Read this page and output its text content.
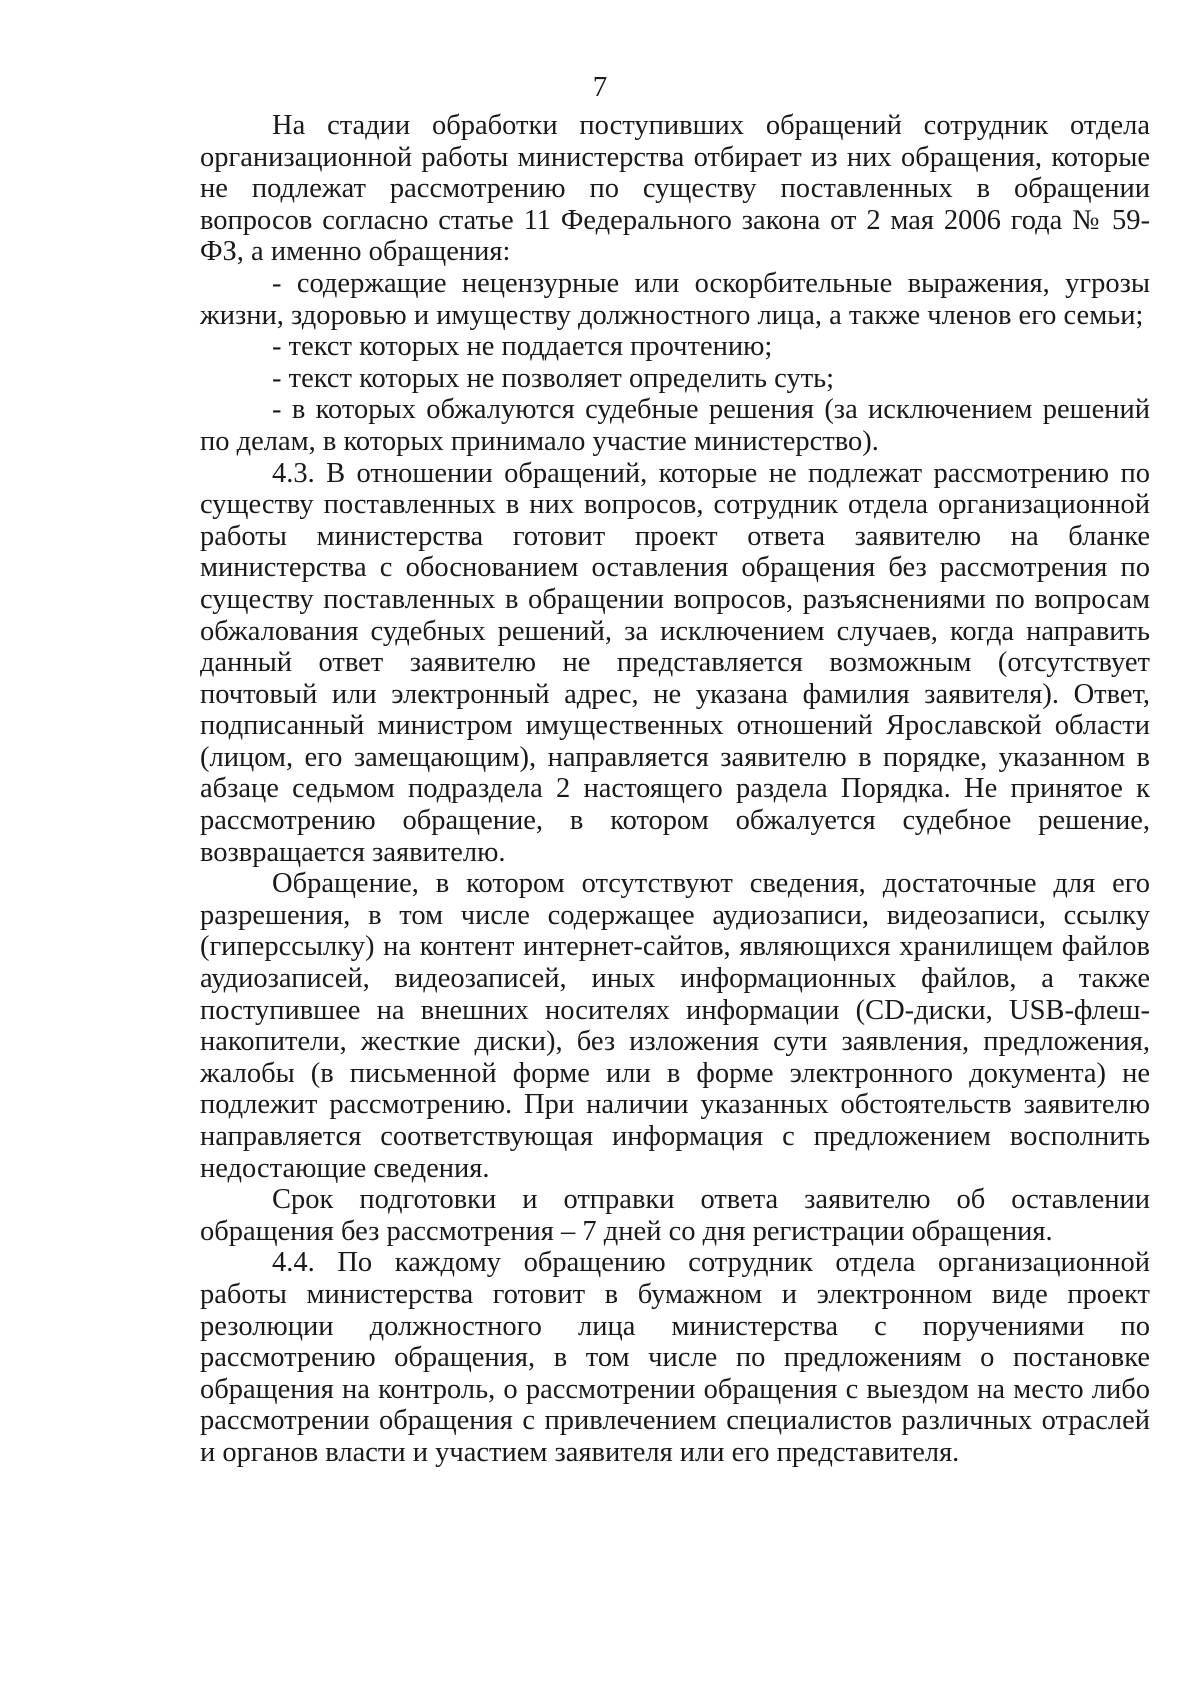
7

На стадии обработки поступивших обращений сотрудник отдела организационной работы министерства отбирает из них обращения, которые не подлежат рассмотрению по существу поставленных в обращении вопросов согласно статье 11 Федерального закона от 2 мая 2006 года № 59-ФЗ, а именно обращения:

- содержащие нецензурные или оскорбительные выражения, угрозы жизни, здоровью и имуществу должностного лица, а также членов его семьи;

- текст которых не поддается прочтению;

- текст которых не позволяет определить суть;

- в которых обжалуются судебные решения (за исключением решений по делам, в которых принимало участие министерство).

4.3. В отношении обращений, которые не подлежат рассмотрению по существу поставленных в них вопросов, сотрудник отдела организационной работы министерства готовит проект ответа заявителю на бланке министерства с обоснованием оставления обращения без рассмотрения по существу поставленных в обращении вопросов, разъяснениями по вопросам обжалования судебных решений, за исключением случаев, когда направить данный ответ заявителю не представляется возможным (отсутствует почтовый или электронный адрес, не указана фамилия заявителя). Ответ, подписанный министром имущественных отношений Ярославской области (лицом, его замещающим), направляется заявителю в порядке, указанном в абзаце седьмом подраздела 2 настоящего раздела Порядка. Не принятое к рассмотрению обращение, в котором обжалуется судебное решение, возвращается заявителю.

Обращение, в котором отсутствуют сведения, достаточные для его разрешения, в том числе содержащее аудиозаписи, видеозаписи, ссылку (гиперссылку) на контент интернет-сайтов, являющихся хранилищем файлов аудиозаписей, видеозаписей, иных информационных файлов, а также поступившее на внешних носителях информации (CD-диски, USB-флеш-накопители, жесткие диски), без изложения сути заявления, предложения, жалобы (в письменной форме или в форме электронного документа) не подлежит рассмотрению. При наличии указанных обстоятельств заявителю направляется соответствующая информация с предложением восполнить недостающие сведения.

Срок подготовки и отправки ответа заявителю об оставлении обращения без рассмотрения – 7 дней со дня регистрации обращения.

4.4. По каждому обращению сотрудник отдела организационной работы министерства готовит в бумажном и электронном виде проект резолюции должностного лица министерства с поручениями по рассмотрению обращения, в том числе по предложениям о постановке обращения на контроль, о рассмотрении обращения с выездом на место либо рассмотрении обращения с привлечением специалистов различных отраслей и органов власти и участием заявителя или его представителя.
